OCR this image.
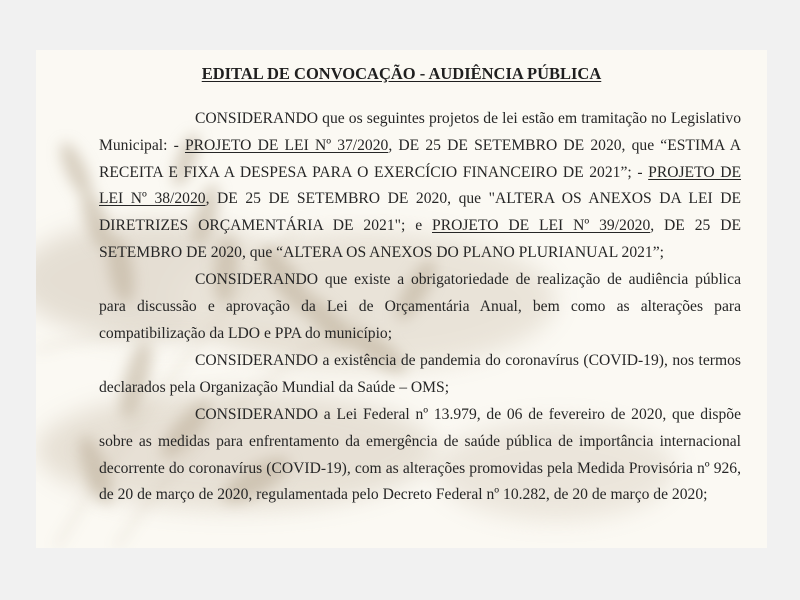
EDITAL DE CONVOCAÇÃO - AUDIÊNCIA PÚBLICA
CONSIDERANDO que os seguintes projetos de lei estão em tramitação no Legislativo Municipal: - PROJETO DE LEI Nº 37/2020, DE 25 DE SETEMBRO DE 2020, que “ESTIMA A RECEITA E FIXA A DESPESA PARA O EXERCÍCIO FINANCEIRO DE 2021”; - PROJETO DE LEI Nº 38/2020, DE 25 DE SETEMBRO DE 2020, que "ALTERA OS ANEXOS DA LEI DE DIRETRIZES ORÇAMENTÁRIA DE 2021"; e PROJETO DE LEI Nº 39/2020, DE 25 DE SETEMBRO DE 2020, que “ALTERA OS ANEXOS DO PLANO PLURIANUAL 2021”;
CONSIDERANDO que existe a obrigatoriedade de realização de audiência pública para discussão e aprovação da Lei de Orçamentária Anual, bem como as alterações para compatibilização da LDO e PPA do município;
CONSIDERANDO a existência de pandemia do coronavírus (COVID-19), nos termos declarados pela Organização Mundial da Saúde – OMS;
CONSIDERANDO a Lei Federal nº 13.979, de 06 de fevereiro de 2020, que dispõe sobre as medidas para enfrentamento da emergência de saúde pública de importância internacional decorrente do coronavírus (COVID-19), com as alterações promovidas pela Medida Provisória nº 926, de 20 de março de 2020, regulamentada pelo Decreto Federal nº 10.282, de 20 de março de 2020;
